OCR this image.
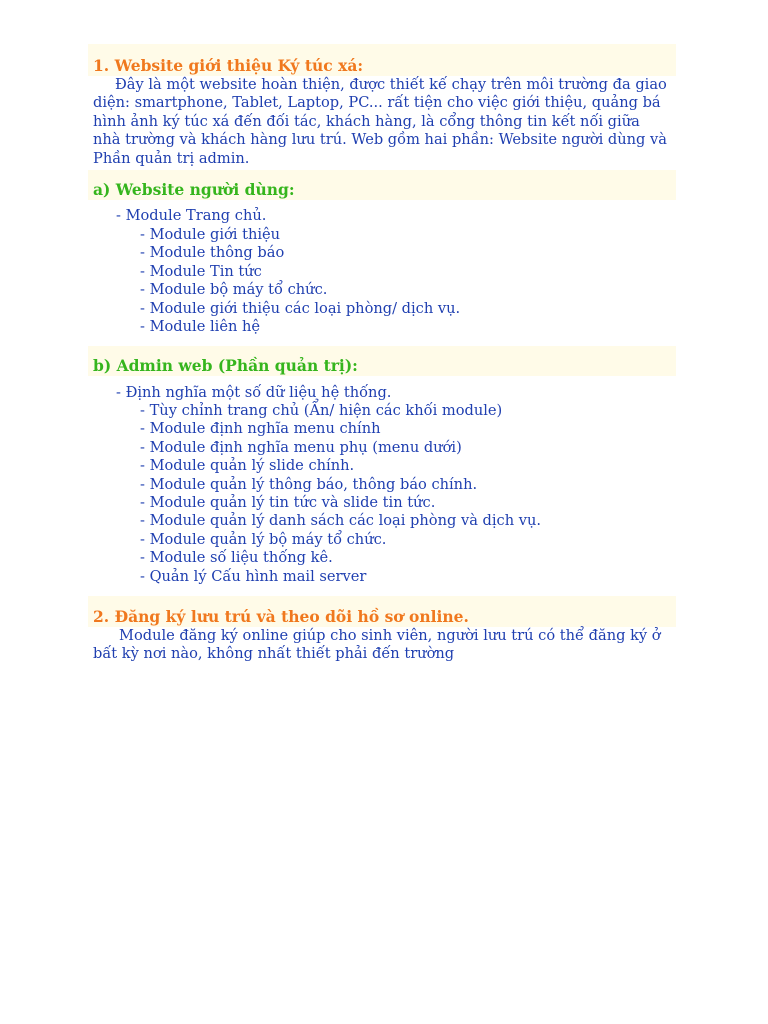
1. Website giới thiệu Ký túc xá:
Đây là một website hoàn thiện, được thiết kế chạy trên môi trường đa giao diện: smartphone, Tablet, Laptop, PC... rất tiện cho việc giới thiệu, quảng bá hình ảnh ký túc xá đến đối tác, khách hàng, là cổng thông tin kết nối giữa nhà trường và khách hàng lưu trú. Web gồm hai phần: Website người dùng và Phần quản trị admin.
a) Website người dùng:
- Module Trang chủ.
- Module giới thiệu
- Module thông báo
- Module Tin tức
- Module bộ máy tổ chức.
- Module giới thiệu các loại phòng/ dịch vụ.
- Module liên hệ
b) Admin web (Phần quản trị):
- Định nghĩa một số dữ liệu hệ thống.
- Tùy chỉnh trang chủ (Ẩn/ hiện các khối module)
- Module định nghĩa menu chính
- Module định nghĩa menu phụ (menu dưới)
- Module quản lý slide chính.
- Module quản lý thông báo, thông báo chính.
- Module quản lý tin tức và slide tin tức.
- Module quản lý danh sách các loại phòng và dịch vụ.
- Module quản lý bộ máy tổ chức.
- Module số liệu thống kê.
- Quản lý Cấu hình mail server
2. Đăng ký lưu trú và theo dõi hồ sơ online.
Module đăng ký online giúp cho sinh viên, người lưu trú có thể đăng ký ở bất kỳ nơi nào, không nhất thiết phải đến trường
